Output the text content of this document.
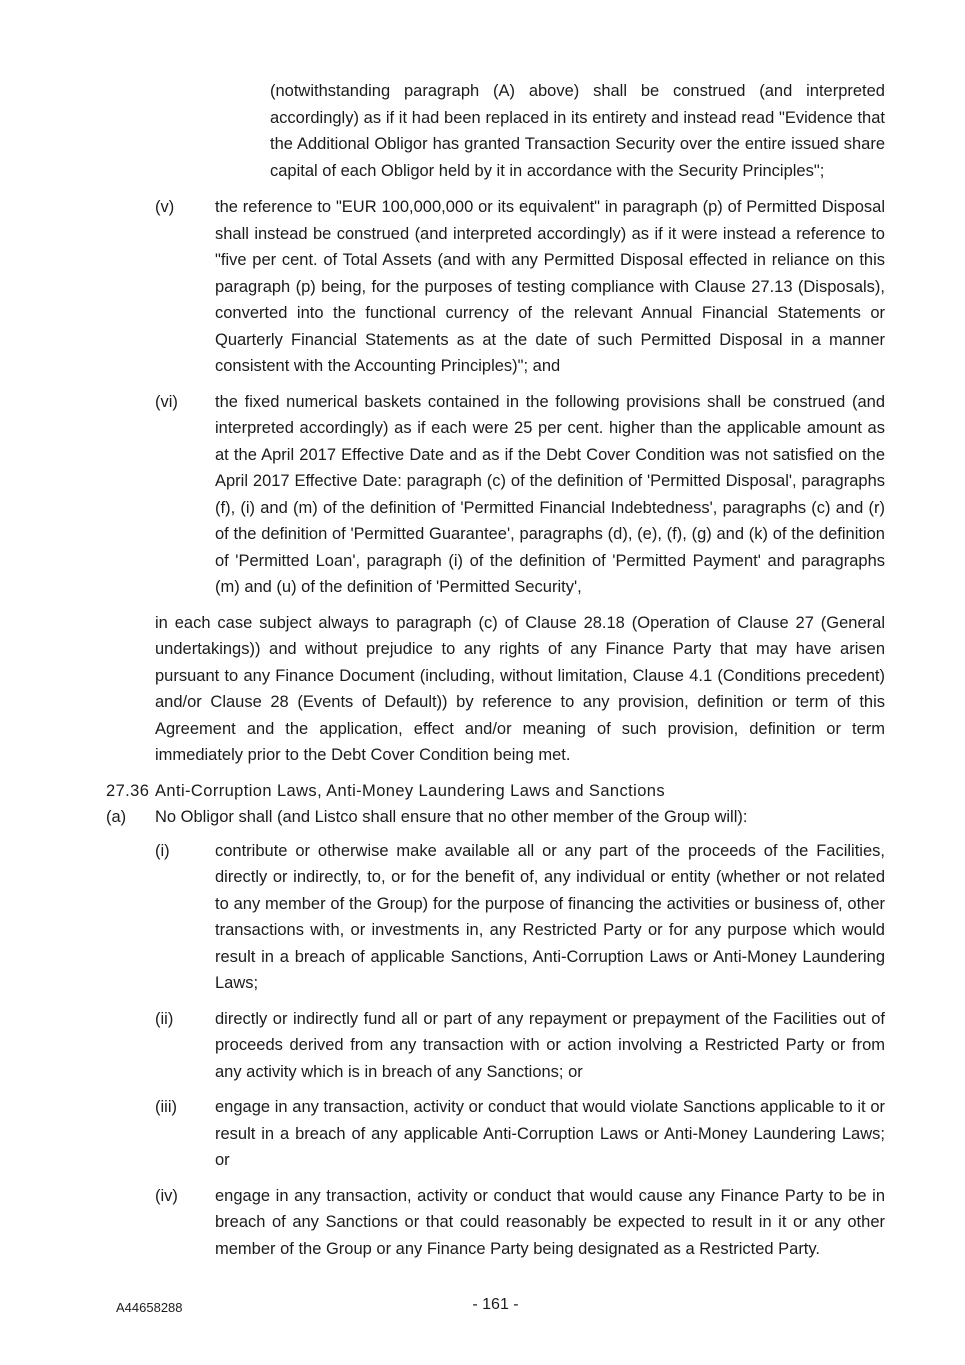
(notwithstanding paragraph (A) above) shall be construed (and interpreted accordingly) as if it had been replaced in its entirety and instead read "Evidence that the Additional Obligor has granted Transaction Security over the entire issued share capital of each Obligor held by it in accordance with the Security Principles";

(v) the reference to "EUR 100,000,000 or its equivalent" in paragraph (p) of Permitted Disposal shall instead be construed (and interpreted accordingly) as if it were instead a reference to "five per cent. of Total Assets (and with any Permitted Disposal effected in reliance on this paragraph (p) being, for the purposes of testing compliance with Clause 27.13 (Disposals), converted into the functional currency of the relevant Annual Financial Statements or Quarterly Financial Statements as at the date of such Permitted Disposal in a manner consistent with the Accounting Principles)"; and
(vi) the fixed numerical baskets contained in the following provisions shall be construed (and interpreted accordingly) as if each were 25 per cent. higher than the applicable amount as at the April 2017 Effective Date and as if the Debt Cover Condition was not satisfied on the April 2017 Effective Date: paragraph (c) of the definition of 'Permitted Disposal', paragraphs (f), (i) and (m) of the definition of 'Permitted Financial Indebtedness', paragraphs (c) and (r) of the definition of 'Permitted Guarantee', paragraphs (d), (e), (f), (g) and (k) of the definition of 'Permitted Loan', paragraph (i) of the definition of 'Permitted Payment' and paragraphs (m) and (u) of the definition of 'Permitted Security',

in each case subject always to paragraph (c) of Clause 28.18 (Operation of Clause 27 (General undertakings)) and without prejudice to any rights of any Finance Party that may have arisen pursuant to any Finance Document (including, without limitation, Clause 4.1 (Conditions precedent) and/or Clause 28 (Events of Default)) by reference to any provision, definition or term of this Agreement and the application, effect and/or meaning of such provision, definition or term immediately prior to the Debt Cover Condition being met.

27.36 Anti-Corruption Laws, Anti-Money Laundering Laws and Sanctions
(a) No Obligor shall (and Listco shall ensure that no other member of the Group will):
(i)	contribute or otherwise make available all or any part of the proceeds of the Facilities, directly or indirectly, to, or for the benefit of, any individual or entity (whether or not related to any member of the Group) for the purpose of financing the activities or business of, other transactions with, or investments in, any Restricted Party or for any purpose which would result in a breach of applicable Sanctions, Anti-Corruption Laws or Anti-Money Laundering Laws;
(ii)	directly or indirectly fund all or part of any repayment or prepayment of the Facilities out of proceeds derived from any transaction with or action involving a Restricted Party or from any activity which is in breach of any Sanctions; or
(iii) engage in any transaction, activity or conduct that would violate Sanctions applicable to it or result in a breach of any applicable Anti-Corruption Laws or Anti-Money Laundering Laws; or
(iv) engage in any transaction, activity or conduct that would cause any Finance Party to be in breach of any Sanctions or that could reasonably be expected to result in it or any other member of the Group or any Finance Party being designated as a Restricted Party.
A44658288	- 161 -
